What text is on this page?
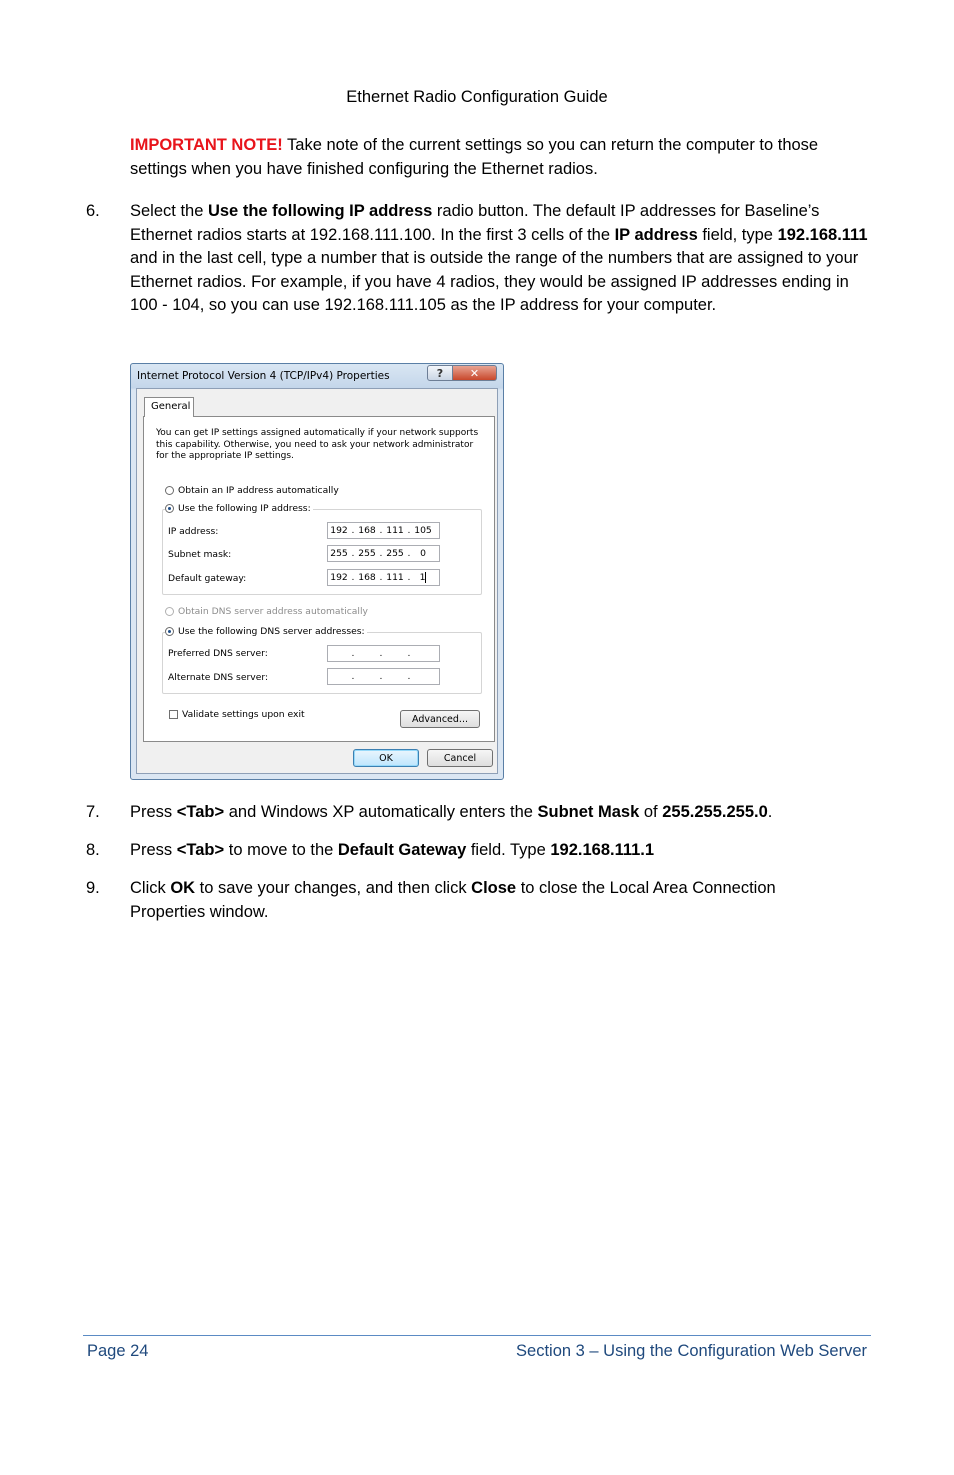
Ethernet Radio Configuration Guide
IMPORTANT NOTE! Take note of the current settings so you can return the computer to those settings when you have finished configuring the Ethernet radios.
6. Select the Use the following IP address radio button. The default IP addresses for Baseline’s Ethernet radios starts at 192.168.111.100. In the first 3 cells of the IP address field, type 192.168.111 and in the last cell, type a number that is outside the range of the numbers that are assigned to your Ethernet radios. For example, if you have 4 radios, they would be assigned IP addresses ending in 100 - 104, so you can use 192.168.111.105 as the IP address for your computer.
Internet Protocol Version 4 (TCP/IPv4) Properties	?	✕
General
You can get IP settings assigned automatically if your network supports this capability. Otherwise, you need to ask your network administrator for the appropriate IP settings.
Obtain an IP address automatically
Use the following IP address:
IP address:	192 . 168 . 111 . 105
Subnet mask:	255 . 255 . 255 .	0
Default gateway:	192 . 168 . 111 . 1
Obtain DNS server address automatically
Use the following DNS server addresses:
Preferred DNS server:	.	.	.
Alternate DNS server:	.	.	.
Validate settings upon exit	Advanced...
OK	Cancel
7. Press <Tab> and Windows XP automatically enters the Subnet Mask of 255.255.255.0.
8. Press <Tab> to move to the Default Gateway field. Type 192.168.111.1
9. Click OK to save your changes, and then click Close to close the Local Area Connection Properties window.
Page 24	Section 3 – Using the Configuration Web Server
